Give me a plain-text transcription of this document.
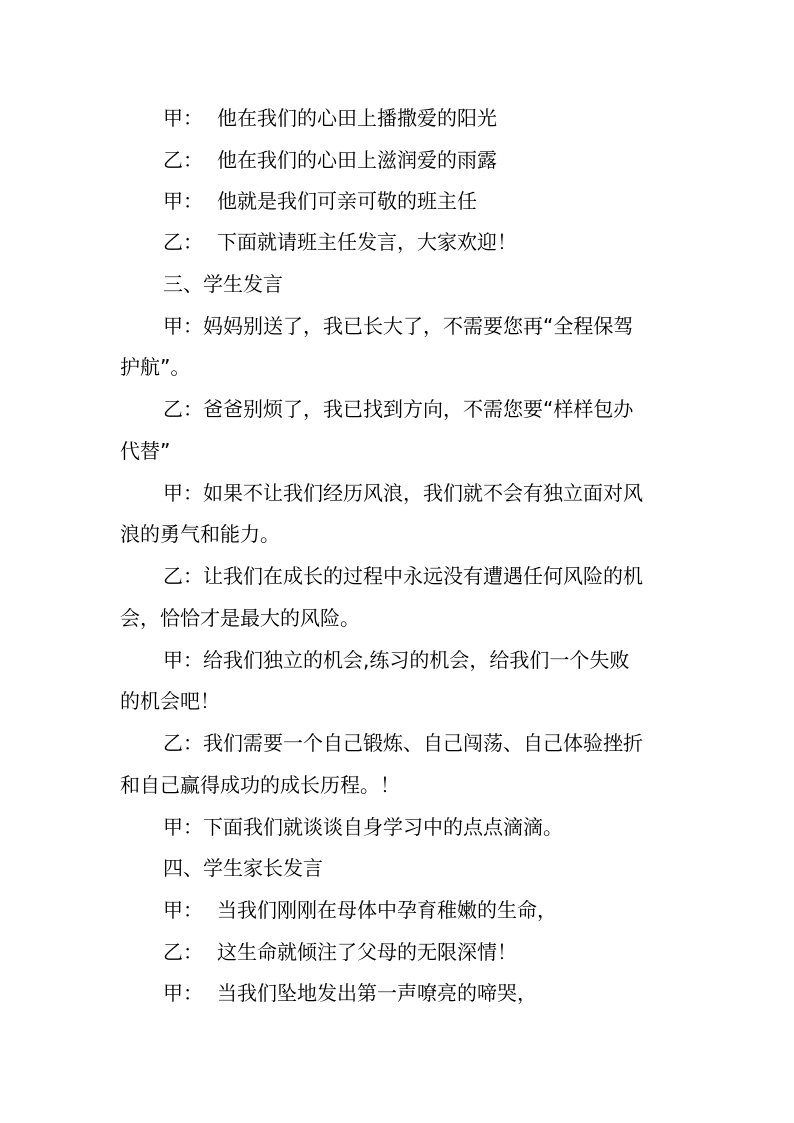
甲： 他在我们的心田上播撒爱的阳光
乙： 他在我们的心田上滋润爱的雨露
甲： 他就是我们可亲可敬的班主任
乙： 下面就请班主任发言，大家欢迎！
三、学生发言
甲：妈妈别送了，我已长大了，不需要您再“全程保驾
护航”。
乙：爸爸别烦了，我已找到方向，不需您要“样样包办
代替”
甲：如果不让我们经历风浪，我们就不会有独立面对风
浪的勇气和能力。
乙：让我们在成长的过程中永远没有遭遇任何风险的机
会，恰恰才是最大的风险。
甲：给我们独立的机会,练习的机会，给我们一个失败
的机会吧！
乙：我们需要一个自己锻炼、自己闯荡、自己体验挫折
和自己赢得成功的成长历程。！
甲：下面我们就谈谈自身学习中的点点滴滴。
四、学生家长发言
甲： 当我们刚刚在母体中孕育稚嫩的生命，
乙： 这生命就倾注了父母的无限深情！
甲： 当我们坠地发出第一声嘹亮的啼哭，
